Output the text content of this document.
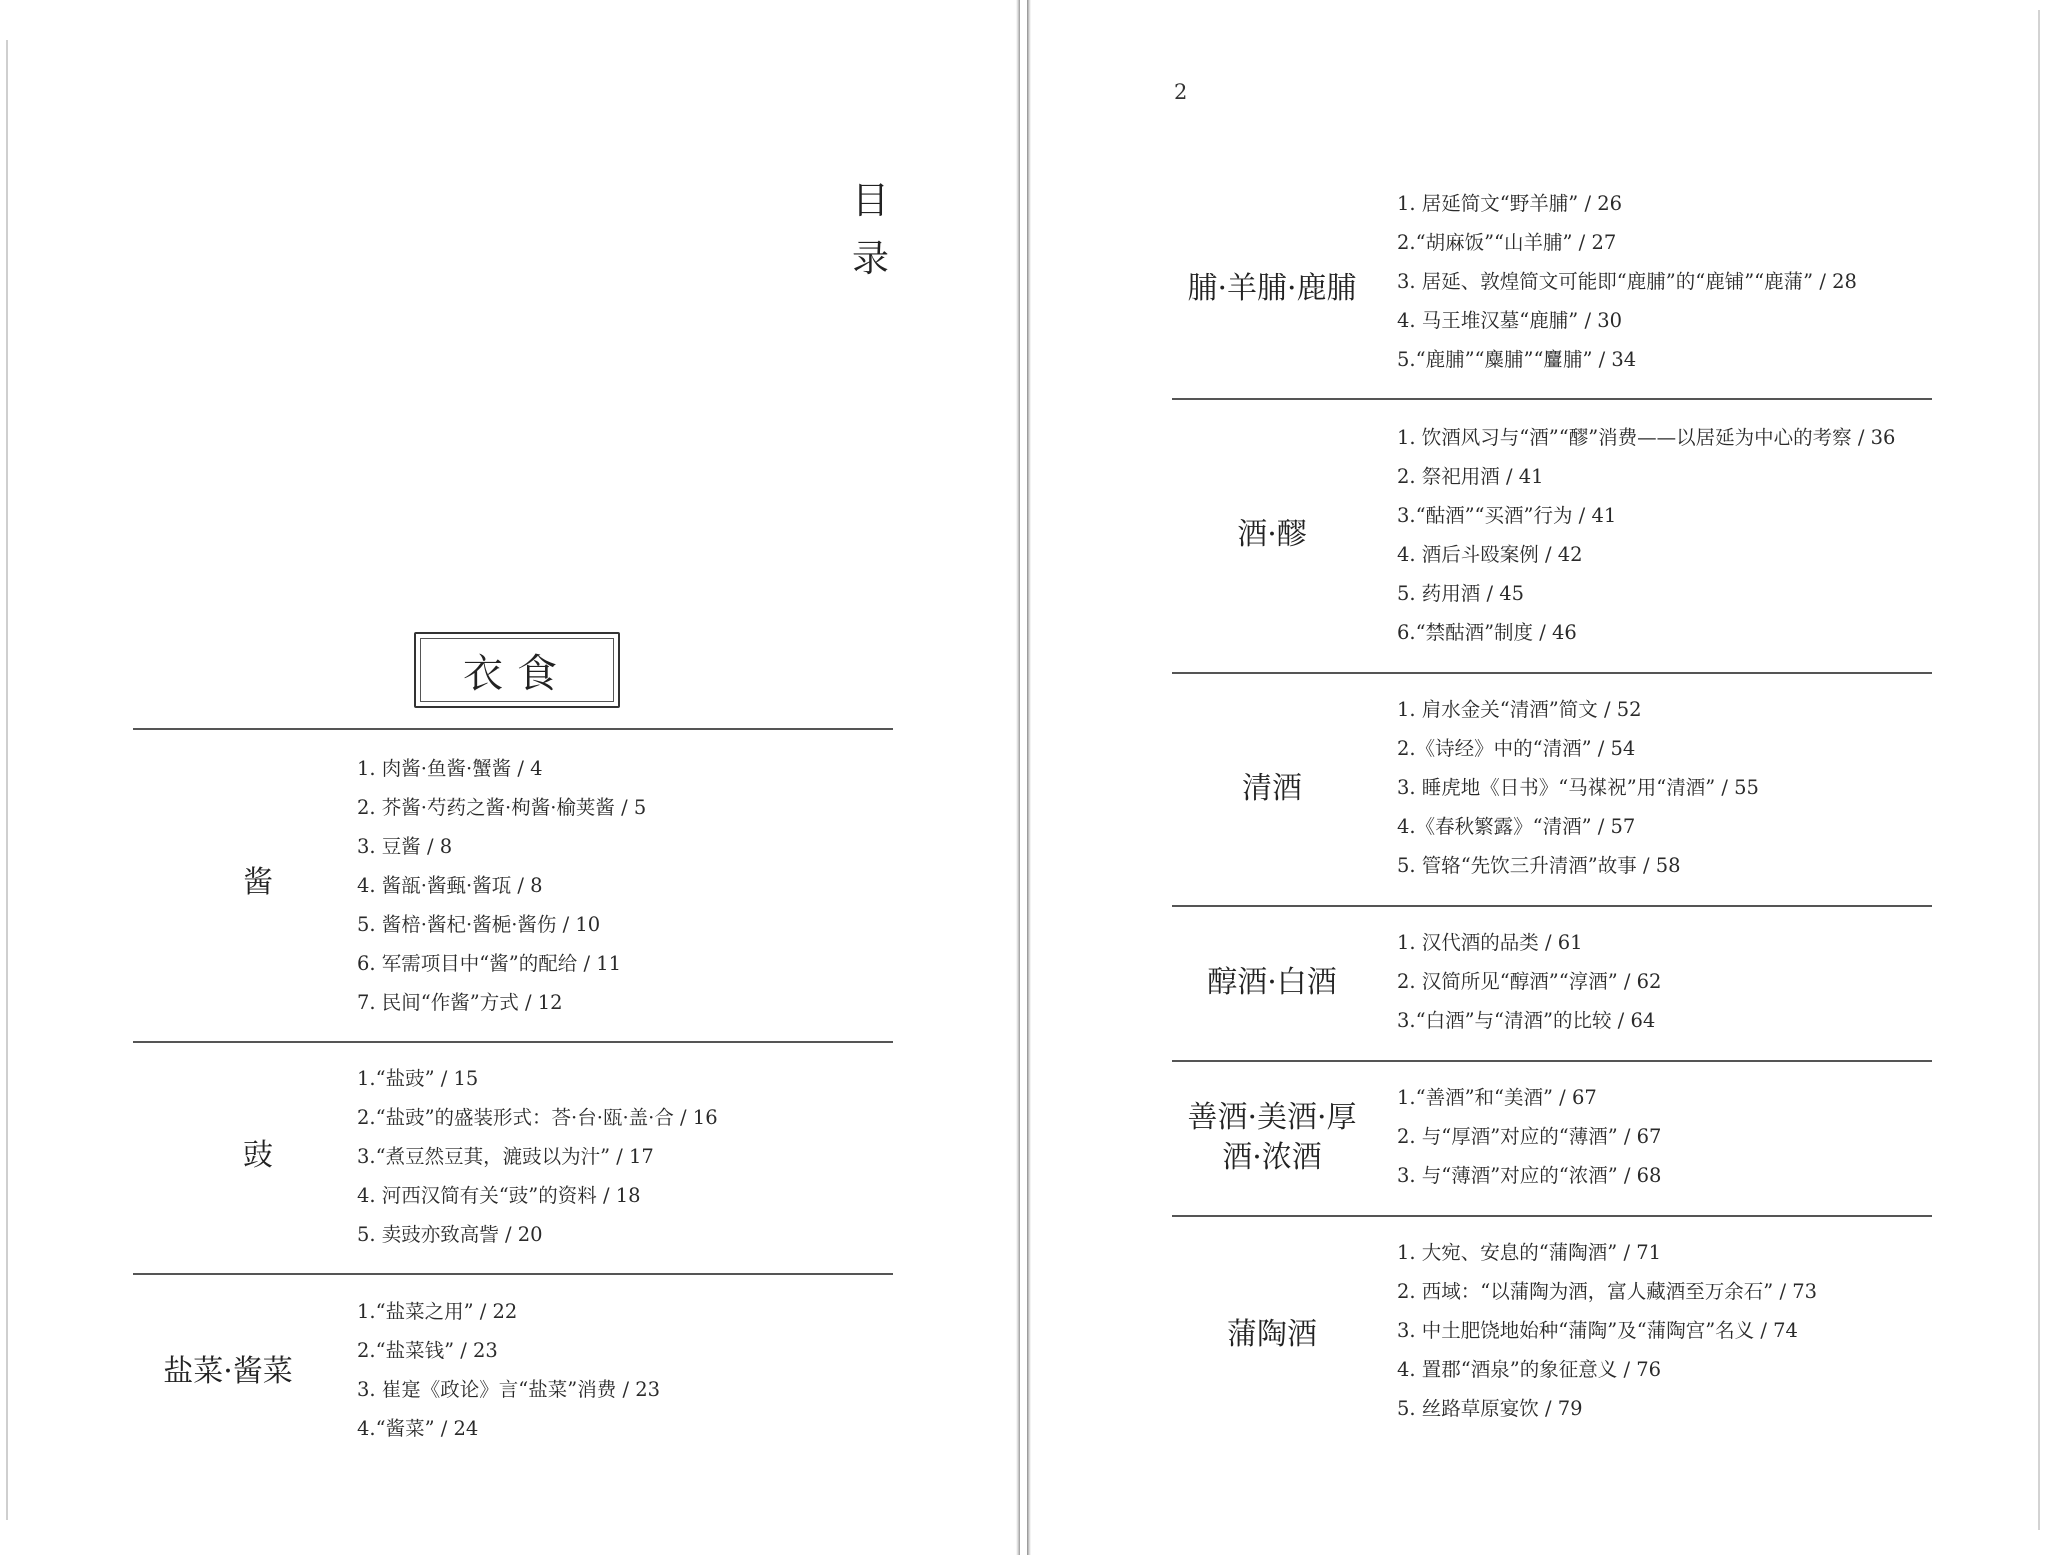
目
录
衣食
酱
1. 肉酱·鱼酱·蟹酱 / 4
2. 芥酱·芍药之酱·枸酱·榆荚酱 / 5
3. 豆酱 / 8
4. 酱瓿·酱甀·酱瓨 / 8
5. 酱棓·酱杞·酱梔·酱伤 / 10
6. 军需项目中“酱”的配给 / 11
7. 民间“作酱”方式 / 12
豉
1.“盐豉” / 15
2.“盐豉”的盛装形式：荅·台·瓯·盖·合 / 16
3.“煮豆然豆萁，漉豉以为汁” / 17
4. 河西汉简有关“豉”的资料 / 18
5. 卖豉亦致高訾 / 20
盐菜·酱菜
1.“盐菜之用” / 22
2.“盐菜钱” / 23
3. 崔寔《政论》言“盐菜”消费 / 23
4.“酱菜” / 24
2
脯·羊脯·鹿脯
1. 居延简文“野羊脯” / 26
2.“胡麻饭”“山羊脯” / 27
3. 居延、敦煌简文可能即“鹿脯”的“鹿铺”“鹿蒲” / 28
4. 马王堆汉墓“鹿脯” / 30
5.“鹿脯”“麋脯”“麠脯” / 34
酒·醪
1. 饮酒风习与“酒”“醪”消费——以居延为中心的考察 / 36
2. 祭祀用酒 / 41
3.“酤酒”“买酒”行为 / 41
4. 酒后斗殴案例 / 42
5. 药用酒 / 45
6.“禁酤酒”制度 / 46
清酒
1. 肩水金关“清酒”简文 / 52
2.《诗经》中的“清酒” / 54
3. 睡虎地《日书》“马禖祝”用“清酒” / 55
4.《春秋繁露》“清酒” / 57
5. 管辂“先饮三升清酒”故事 / 58
醇酒·白酒
1. 汉代酒的品类 / 61
2. 汉简所见“醇酒”“淳酒” / 62
3.“白酒”与“清酒”的比较 / 64
善酒·美酒·厚
酒·浓酒
1.“善酒”和“美酒” / 67
2. 与“厚酒”对应的“薄酒” / 67
3. 与“薄酒”对应的“浓酒” / 68
蒲陶酒
1. 大宛、安息的“蒲陶酒” / 71
2. 西域：“以蒲陶为酒，富人藏酒至万余石” / 73
3. 中土肥饶地始种“蒲陶”及“蒲陶宫”名义 / 74
4. 置郡“酒泉”的象征意义 / 76
5. 丝路草原宴饮 / 79
